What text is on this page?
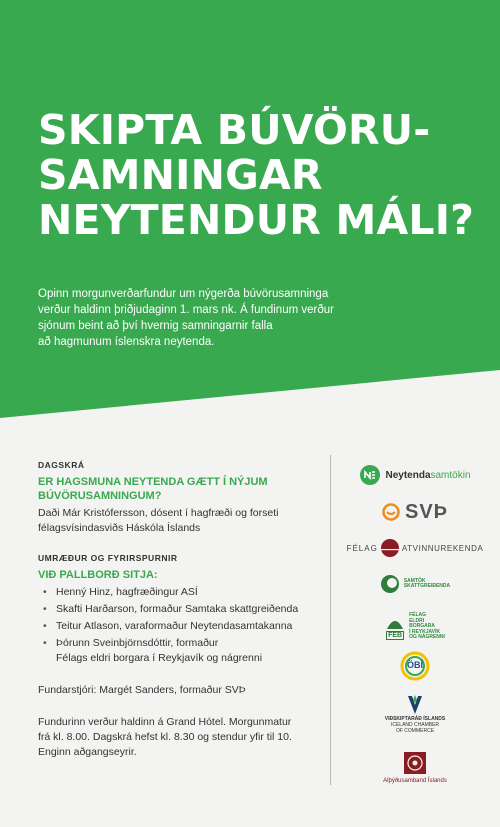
SKIPTA BÚVÖRU-
SAMNINGAR
NEYTENDUR MÁLI?
Opinn morgunverðarfundur um nýgerða búvörusamninga
verður haldinn þriðjudaginn 1. mars nk. Á fundinum verður
sjónum beint að því hvernig samningarnir falla
að hagmunum íslenskra neytenda.
DAGSKRÁ
ER HAGSMUNA NEYTENDA GÆTT Í NÝJUM
BÚVÖRUSAMNINGUM?
Daði Már Kristófersson, dósent í hagfræði og forseti
félagsvísindasviðs Háskóla Íslands
UMRÆÐUR OG FYRIRSPURNIR
VIÐ PALLBORÐ SITJA:
• Henný Hinz, hagfræðingur ASÍ
• Skafti Harðarson, formaður Samtaka skattgreiðenda
• Teitur Atlason, varaformaður Neytendasamtakanna
• Þórunn Sveinbjörnsdóttir, formaður
Félags eldri borgara í Reykjavík og nágrenni
Fundarstjóri: Margét Sanders, formaður SVÞ
Fundurinn verður haldinn á Grand Hótel. Morgunmatur
frá kl. 8.00. Dagskrá hefst kl. 8.30 og stendur yfir til 10.
Enginn aðgangseyrir.
Neytendasamtökin
SVÞ
FÉLAG	ATVINNUREKENDA
SAMTÖK
SKATTGREIÐENDA
FEB
FÉLAG
ELDRI
BORGARA
Í REYKJAVÍK
OG NÁGRENNI
ÖBÍ
VIÐSKIPTARÁÐ ÍSLANDS
ICELAND CHAMBER
OF COMMERCE
Alþýðusamband Íslands
